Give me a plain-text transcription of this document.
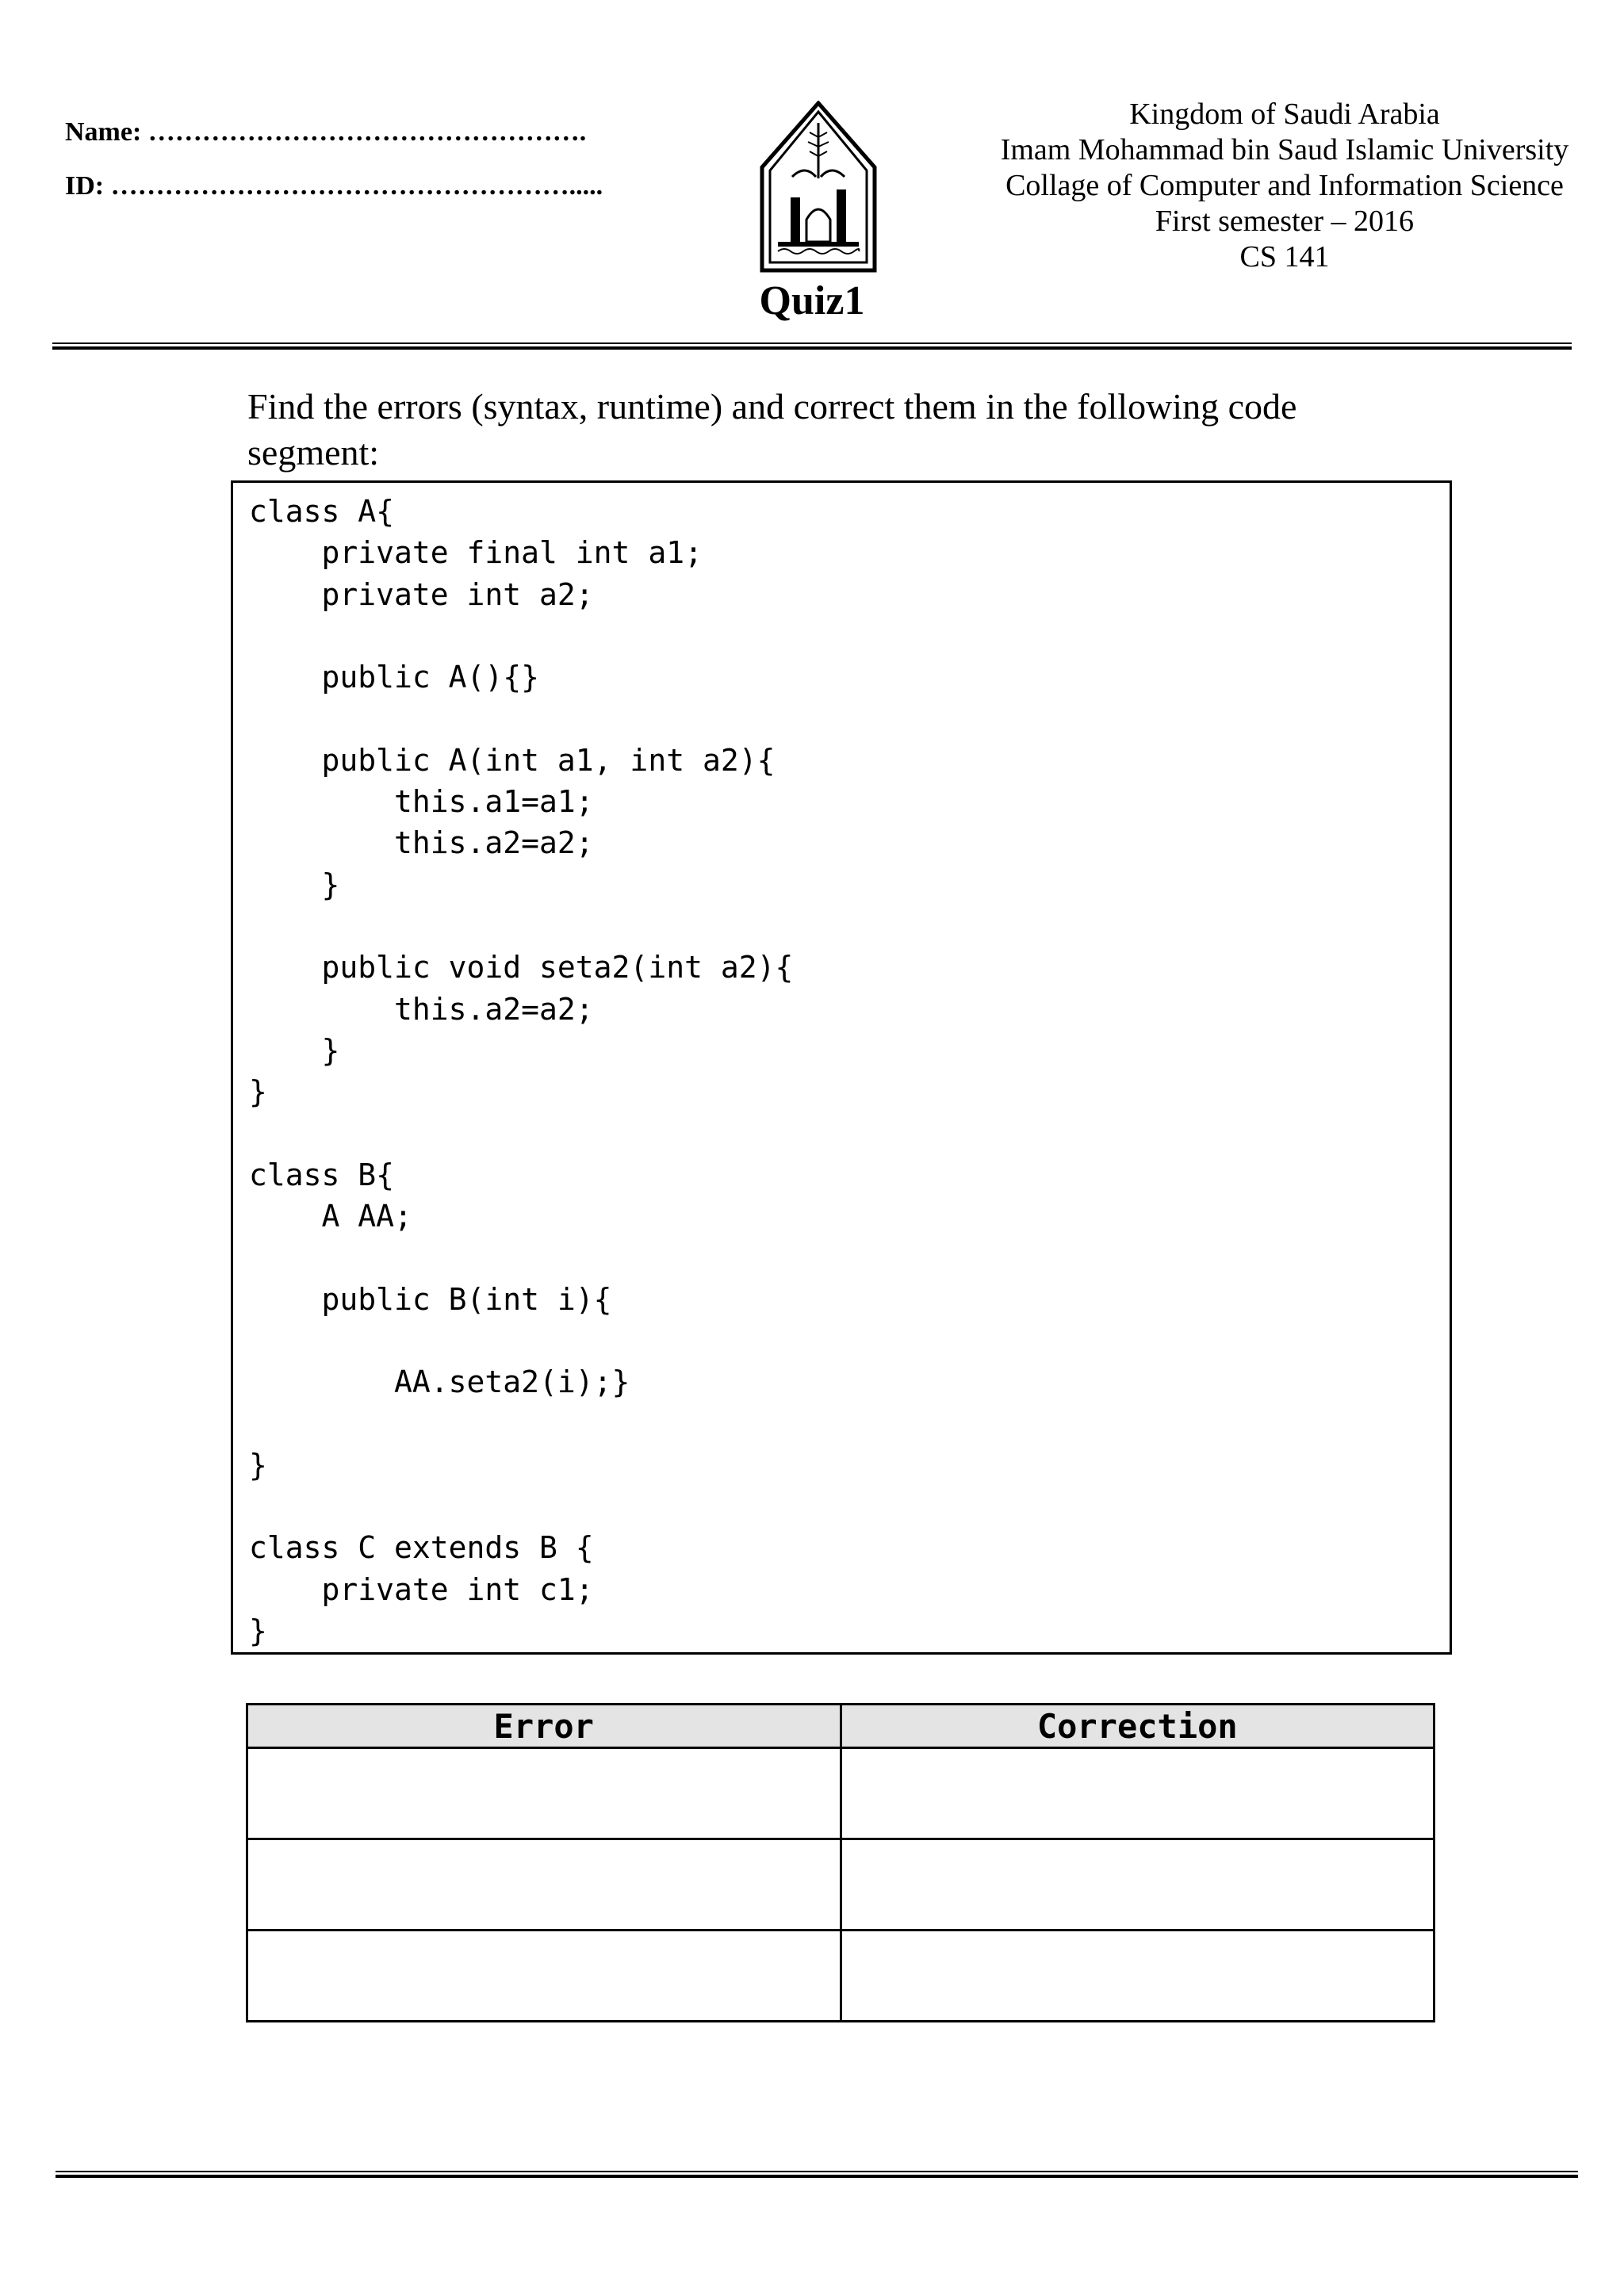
Name: ………………………………………….

ID: …………………………………………….....

Kingdom of Saudi Arabia
Imam Mohammad bin Saud Islamic University
Collage of Computer and Information Science
First semester – 2016
CS 141
Quiz1
Find the errors (syntax, runtime) and correct them in the following code segment:
class A{
private final int a1;
private int a2;

public A(){}

public A(int a1, int a2){
this.a1=a1;
this.a2=a2;
}

public void seta2(int a2){
this.a2=a2;
}
}

class B{
A AA;

public B(int i){

AA.seta2(i);}

}

class C extends B {
private int c1;
}
Error	Correction
